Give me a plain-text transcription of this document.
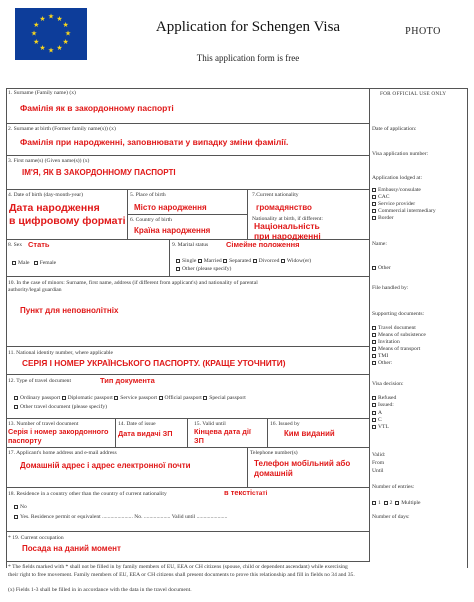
★ ★
★
★
★
★
★
★
★
★
★
★
Application for Schengen Visa
This application form is free
PHOTO
1. Surname (Family name) (x)
Фамілія як в закордонному паспорті
2. Surname at birth (Former family name(s)) (x)
Фамілія при народженні, заповнювати у випадку зміни фамілії.
3. First name(s) (Given name(s)) (x)
ІМ'Я, ЯК В ЗАКОРДОННОМУ ПАСПОРТІ
4. Date of birth (day-month-year)
Дата народження
в цифровому форматі
5. Place of birth
Місто народження
6. Country of birth
Країна народження
7.Current nationality
громадянство
Nationality at birth, if different:
Національність
при народженні
8. Sex Стать
Male Female
9. Marital status Сімейне положення
Single Married Separated Divorced Widow(er)
Other (please specify)
10. In the case of minors: Surname, first name, address (if different from applicant's) and nationality of parental
authority/legal guardian
Пункт для неповнолітніх
11. National identity number, where applicable
СЕРІЯ І НОМЕР УКРАЇНСЬКОГО ПАСПОРТУ. (КРАЩЕ УТОЧНИТИ)
12. Type of travel document	Тип документа
Ordinary passport Diplomatic passport Service passport Official passport Special passport
Other travel document (please specify)
13. Number of travel document
Серія і номер закордонного
паспорту
14. Date of issue
Дата видачі ЗП
15. Valid until
Кінцева дата дії
ЗП
16. Issued by
Ким виданий
17. Applicant's home address and e-mail address
Домашній адрес і адрес електронної почти
Telephone number(s)
Телефон мобільний або
домашній
18. Residence in a country other than the country of current nationality	в тексті статі
No
Yes. Residence permit or equivalent ...................... No. ................... Valid until ......................
* 19. Current occupation
Посада на даний момент
FOR OFFICIAL USE ONLY
Date of application:
Visa application number:
Application lodged at:
Embassy/consulate
CAC
Service provider
Commercial intermediary
Border
Name:
Other
File handled by:
Supporting documents:
Travel document
Means of subsistence
Invitation
Means of transport
TMI
Other:
Visa decision:
Refused
Issued:
A
C
VTL
Valid:
From
Until
Number of entries:
1 2 Multiple
Number of days:
* The fields marked with * shall not be filled in by family members of EU, EEA or CH citizens (spouse, child or dependent ascendant) while exercising
their right to free movement. Family members of EU, EEA or CH citizens shall present documents to prove this relationship and fill in fields no 34 and 35.
(x) Fields 1-3 shall be filled in in accordance with the data in the travel document.
